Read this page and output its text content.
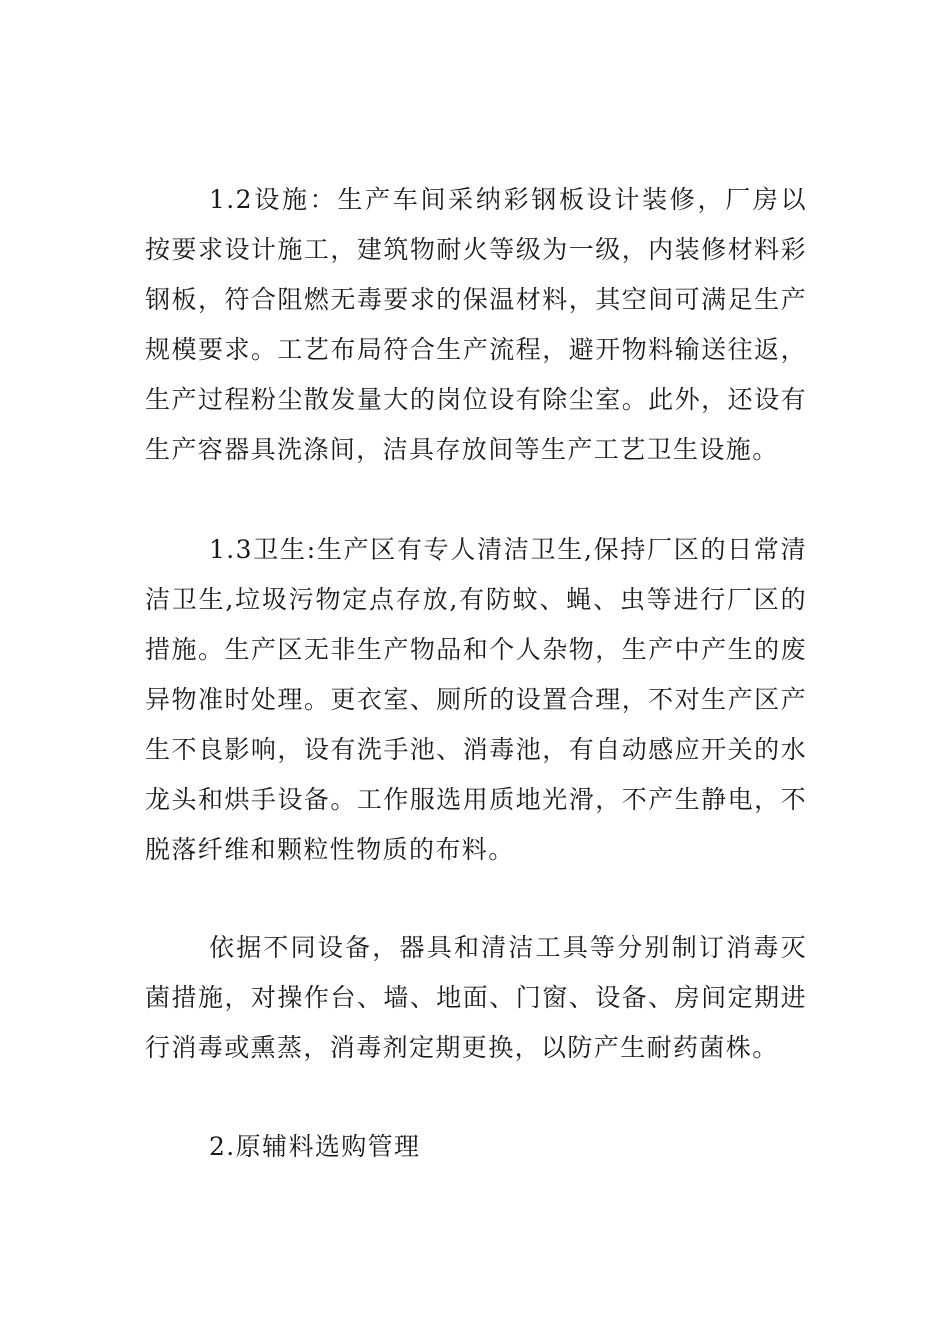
1.2设施：生产车间采纳彩钢板设计装修，厂房以按要求设计施工，建筑物耐火等级为一级，内装修材料彩钢板，符合阻燃无毒要求的保温材料，其空间可满足生产规模要求。工艺布局符合生产流程，避开物料输送往返，生产过程粉尘散发量大的岗位设有除尘室。此外，还设有生产容器具洗涤间，洁具存放间等生产工艺卫生设施。

1.3卫生:生产区有专人清洁卫生,保持厂区的日常清洁卫生,垃圾污物定点存放,有防蚊、蝇、虫等进行厂区的措施。生产区无非生产物品和个人杂物，生产中产生的废异物准时处理。更衣室、厕所的设置合理，不对生产区产生不良影响，设有洗手池、消毒池，有自动感应开关的水龙头和烘手设备。工作服选用质地光滑，不产生静电，不脱落纤维和颗粒性物质的布料。

依据不同设备，器具和清洁工具等分别制订消毒灭菌措施，对操作台、墙、地面、门窗、设备、房间定期进行消毒或熏蒸，消毒剂定期更换，以防产生耐药菌株。

2.原辅料选购管理
